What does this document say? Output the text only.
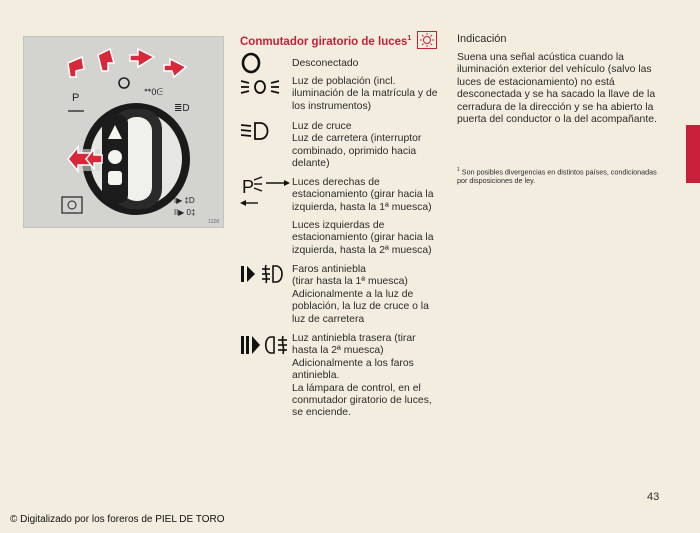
P	ᕯ0ᕮ
≣D
ǀ▶ ‡D
ǀǀ▶ 0‡
1128
Conmutador giratorio de luces$^1$
P
Desconectado
Luz de población (incl. iluminación de la matrícula y de los instrumentos)
Luz de cruce
Luz de carretera (interruptor combinado, oprimido hacia delante)
Luces derechas de estacionamiento (girar hacia la izquierda, hasta la 1ª muesca)
Luces izquierdas de estacionamiento (girar hacia la izquierda, hasta la 2ª muesca)
Faros antiniebla
(tirar hasta la 1ª muesca)
Adicionalmente a la luz de población, la luz de cruce o la luz de carretera
Luz antiniebla trasera (tirar hasta la 2ª muesca)
Adicionalmente a los faros antiniebla.
La lámpara de control, en el conmutador giratorio de luces, se enciende.
Indicación
Suena una señal acústica cuando la iluminación exterior del vehículo (salvo las luces de estacionamiento) no está desconectada y se ha sacado la llave de la cerradura de la dirección y se ha abierto la puerta del conductor o la del acompañante.
$^1$ Son posibles divergencias en distintos países, condicionadas por disposiciones de ley.
43
© Digitalizado por los foreros de PIEL DE TORO
